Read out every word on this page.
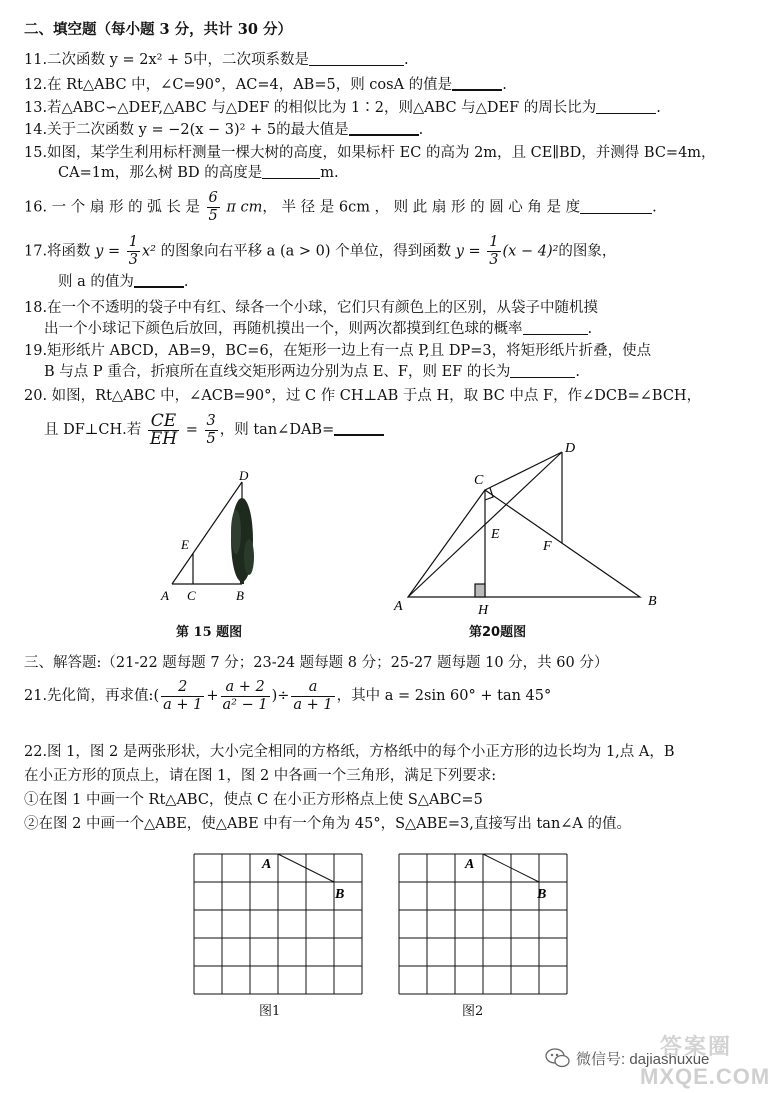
二、填空题（每小题 3 分，共计 30 分）
11.二次函数 y = 2x² + 5中，二次项系数是	.
12.在 Rt△ABC 中，∠C=90°，AC=4，AB=5，则 cosA 的值是	.
13.若△ABC∽△DEF,△ABC 与△DEF 的相似比为 1∶2，则△ABC 与△DEF 的周长比为	.
14.关于二次函数 y = −2(x − 3)² + 5的最大值是	.
15.如图，某学生利用标杆测量一棵大树的高度，如果标杆 EC 的高为 2m，且 CE∥BD，并测得 BC=4m，
CA=1m，那么树 BD 的高度是	m.
16. 一 个 扇 形 的 弧 长 是 $\frac{6}{5}$ π cm， 半 径 是 6cm ， 则 此 扇 形 的 圆 心 角 是 度	.
17.将函数 $y = \frac{1}{3} x^2$ 的图象向右平移 a (a > 0) 个单位，得到函数 $y = \frac{1}{3} (x - 4)^2$的图象，
则 a 的值为	.
18.在一个不透明的袋子中有红、绿各一个小球，它们只有颜色上的区别，从袋子中随机摸
出一个小球记下颜色后放回，再随机摸出一个，则两次都摸到红色球的概率	.
19.矩形纸片 ABCD，AB=9，BC=6，在矩形一边上有一点 P,且 DP=3，将矩形纸片折叠，使点
B 与点 P 重合，折痕所在直线交矩形两边分别为点 E、F，则 EF 的长为	.
20. 如图，Rt△ABC 中，∠ACB=90°，过 C 作 CH⊥AB 于点 H，取 BC 中点 F，作∠DCB=∠BCH，
且 DF⊥CH.若 $\frac{CE}{EH} = \frac{3}{5}$ ，则 tan∠DAB=
D
E
A C	B
第 15 题图
C
D
E
F
A	H
B
第20题图
三、解答题:（21-22 题每题 7 分；23-24 题每题 8 分；25-27 题每题 10 分，共 60 分）
21.先化简，再求值:( $\frac{2}{a + 1} + \frac{a + 2}{\text{a² − 1}}$ )÷ $\frac{a}{a + 1}$ ，其中 a = 2sin 60° + tan 45°
22.图 1，图 2 是两张形状，大小完全相同的方格纸，方格纸中的每个小正方形的边长均为 1,点 A，B
在小正方形的顶点上，请在图 1，图 2 中各画一个三角形，满足下列要求:
①在图 1 中画一个 Rt△ABC，使点 C 在小正方形格点上使 S△ABC=5
②在图 2 中画一个△ABE，使△ABE 中有一个角为 45°，S△ABE=3,直接写出 tan∠A 的值。
A
B
图1
A
B
图2
微信号: dajiashuxue
答案圈
MXQE.COM
